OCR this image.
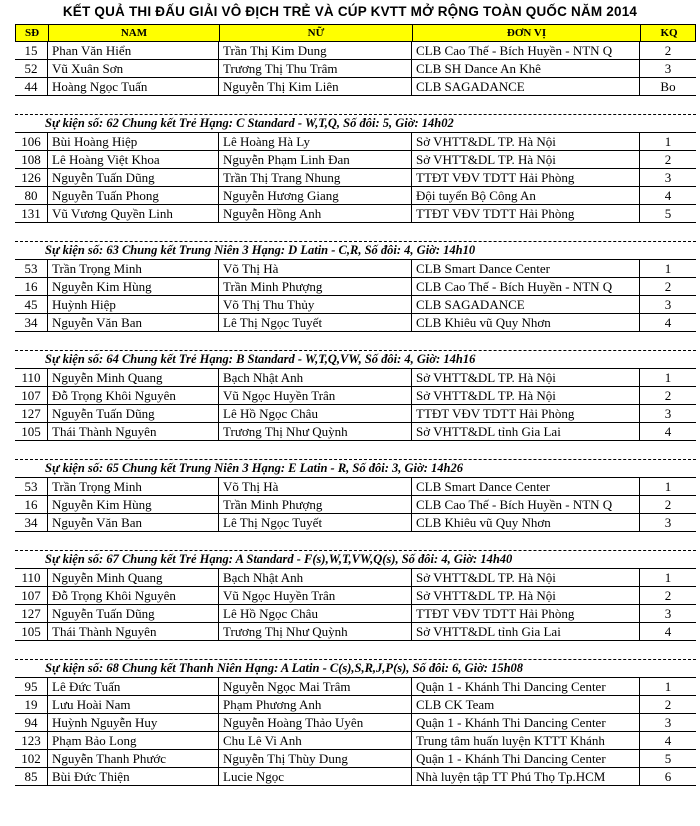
KẾT QUẢ THI ĐẤU GIẢI VÔ ĐỊCH TRẺ VÀ CÚP KVTT MỞ RỘNG TOÀN QUỐC NĂM 2014
SĐ	NAM	NỮ	ĐƠN VỊ	KQ
15	Phan Văn Hiển	Trần Thị Kim Dung	CLB Cao Thế - Bích Huyền - NTN Q	2
52	Vũ Xuân Sơn	Trương Thị Thu Trâm	CLB SH Dance An Khê	3
44	Hoàng Ngọc Tuấn	Nguyễn Thị Kim Liên	CLB SAGADANCE	Bo
Sự kiện số: 62 Chung kết Trẻ Hạng: C Standard - W,T,Q, Số đôi: 5, Giờ: 14h02
106 Bùi Hoàng Hiệp	Lê Hoàng Hà Ly	Sở VHTT&DL TP. Hà Nội	1
108 Lê Hoàng Việt Khoa	Nguyễn Phạm Linh Đan	Sở VHTT&DL TP. Hà Nội	2
126 Nguyễn Tuấn Dũng	Trần Thị Trang Nhung	TTĐT VĐV TDTT Hải Phòng	3
80	Nguyễn Tuấn Phong	Nguyễn Hương Giang	Đội tuyển Bộ Công An	4
131 Vũ Vương Quyền Linh	Nguyễn Hồng Anh	TTĐT VĐV TDTT Hải Phòng	5
Sự kiện số: 63 Chung kết Trung Niên 3 Hạng: D Latin - C,R, Số đôi: 4, Giờ: 14h10
53	Trần Trọng Minh	Võ Thị Hà	CLB Smart Dance Center	1
16	Nguyễn Kim Hùng	Trần Minh Phượng	CLB Cao Thế - Bích Huyền - NTN Q	2
45	Huỳnh Hiệp	Võ Thị Thu Thủy	CLB SAGADANCE	3
34	Nguyễn Văn Ban	Lê Thị Ngọc Tuyết	CLB Khiêu vũ Quy Nhơn	4
Sự kiện số: 64 Chung kết Trẻ Hạng: B Standard - W,T,Q,VW, Số đôi: 4, Giờ: 14h16
110 Nguyễn Minh Quang	Bạch Nhật Anh	Sở VHTT&DL TP. Hà Nội	1
107 Đỗ Trọng Khôi Nguyên	Vũ Ngọc Huyền Trân	Sở VHTT&DL TP. Hà Nội	2
127 Nguyễn Tuấn Dũng	Lê Hồ Ngọc Châu	TTĐT VĐV TDTT Hải Phòng	3
105 Thái Thành Nguyên	Trương Thị Như Quỳnh	Sở VHTT&DL tỉnh Gia Lai	4
Sự kiện số: 65 Chung kết Trung Niên 3 Hạng: E Latin - R, Số đôi: 3, Giờ: 14h26
53	Trần Trọng Minh	Võ Thị Hà	CLB Smart Dance Center	1
16	Nguyễn Kim Hùng	Trần Minh Phượng	CLB Cao Thế - Bích Huyền - NTN Q	2
34	Nguyễn Văn Ban	Lê Thị Ngọc Tuyết	CLB Khiêu vũ Quy Nhơn	3
Sự kiện số: 67 Chung kết Trẻ Hạng: A Standard - F(s),W,T,VW,Q(s), Số đôi: 4, Giờ: 14h40
110 Nguyễn Minh Quang	Bạch Nhật Anh	Sở VHTT&DL TP. Hà Nội	1
107 Đỗ Trọng Khôi Nguyên	Vũ Ngọc Huyền Trân	Sở VHTT&DL TP. Hà Nội	2
127 Nguyễn Tuấn Dũng	Lê Hồ Ngọc Châu	TTĐT VĐV TDTT Hải Phòng	3
105 Thái Thành Nguyên	Trương Thị Như Quỳnh	Sở VHTT&DL tỉnh Gia Lai	4
Sự kiện số: 68 Chung kết Thanh Niên Hạng: A Latin - C(s),S,R,J,P(s), Số đôi: 6, Giờ: 15h08
95	Lê Đức Tuấn	Nguyễn Ngọc Mai Trâm	Quận 1 - Khánh Thi Dancing Center	1
19	Lưu Hoài Nam	Phạm Phương Anh	CLB CK Team	2
94	Huỳnh Nguyễn Huy	Nguyễn Hoàng Thảo Uyên	Quận 1 - Khánh Thi Dancing Center	3
123 Phạm Bảo Long	Chu Lê Vi Anh	Trung tâm huấn luyện KTTT Khánh	4
102 Nguyễn Thanh Phước	Nguyễn Thị Thùy Dung	Quận 1 - Khánh Thi Dancing Center	5
85	Bùi Đức Thiện	Lucie Ngọc	Nhà luyện tập TT Phú Thọ Tp.HCM	6
